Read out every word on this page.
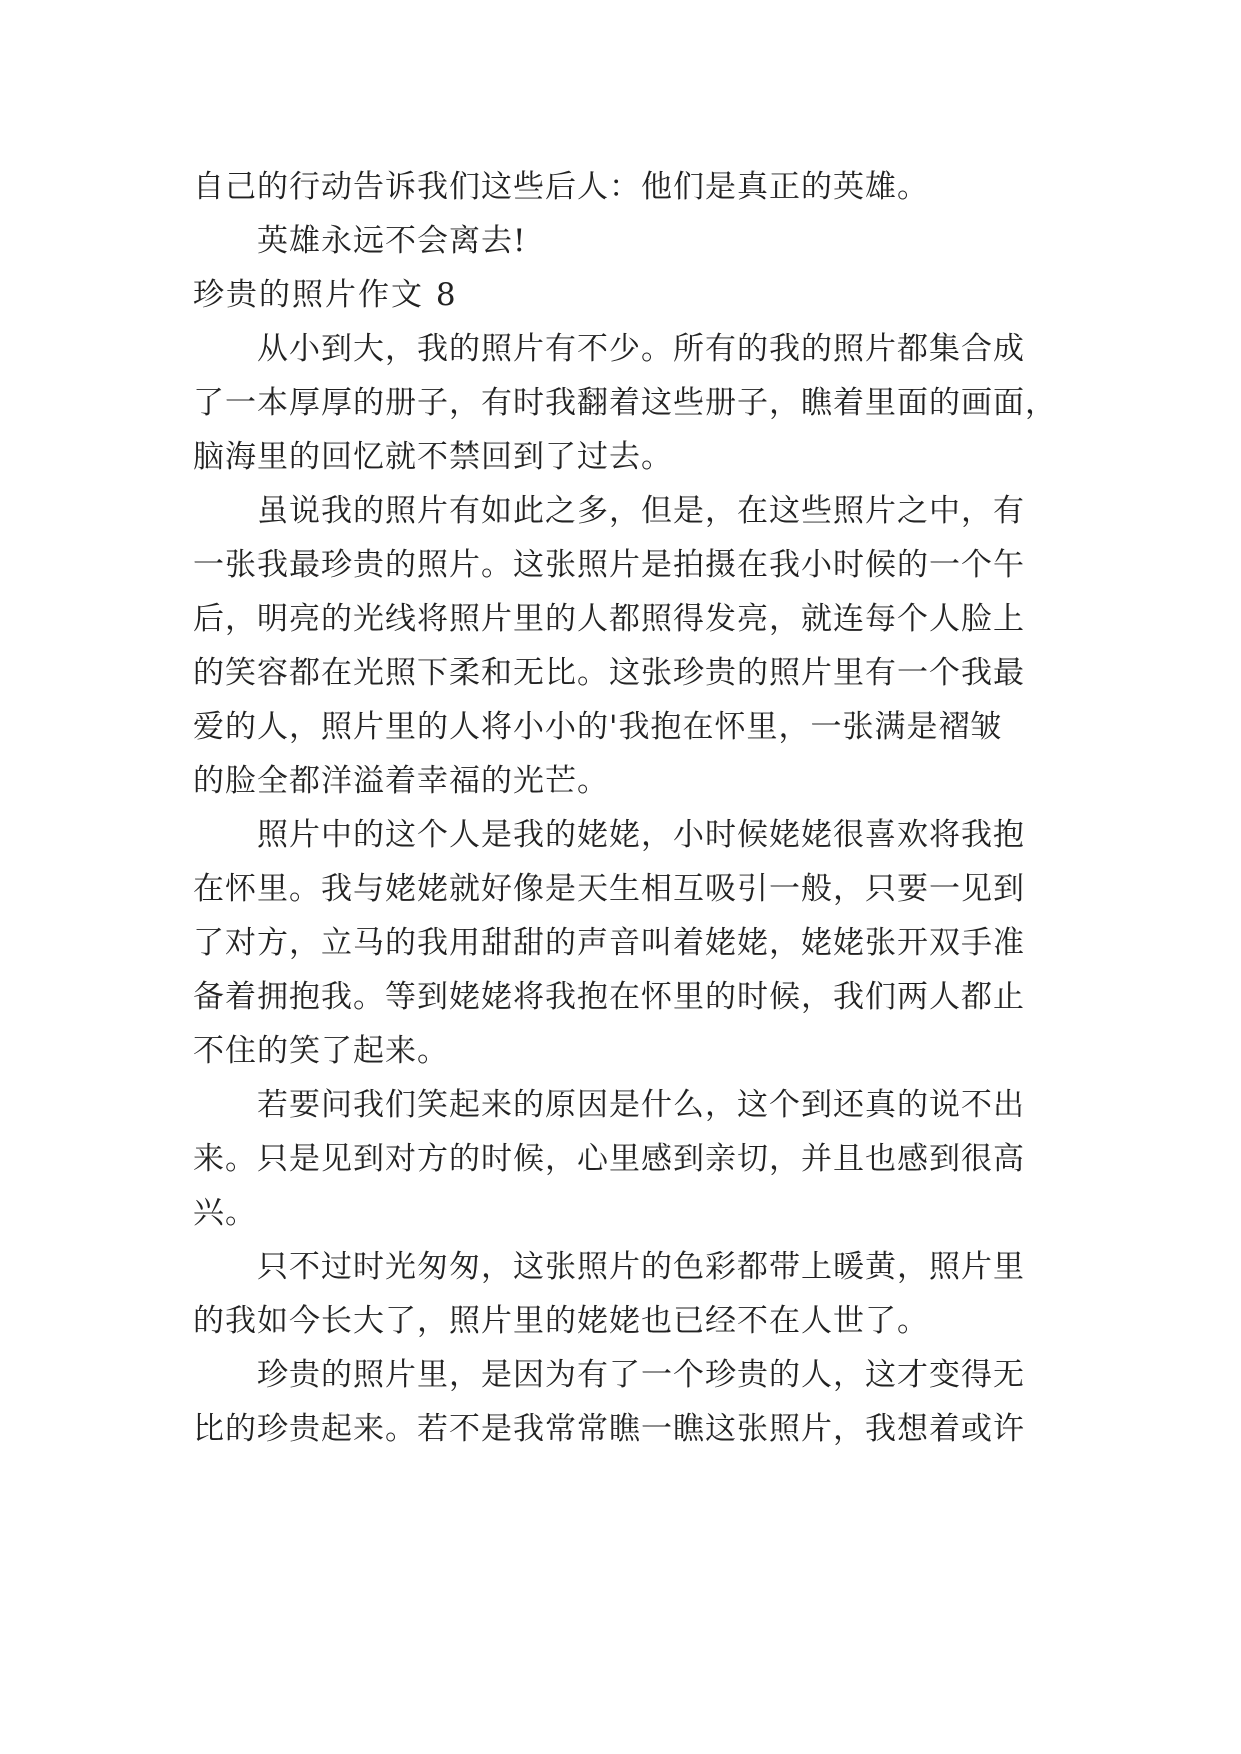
自己的行动告诉我们这些后人：他们是真正的英雄。
英雄永远不会离去!
珍贵的照片作文 8
从小到大，我的照片有不少。所有的我的照片都集合成
了一本厚厚的册子，有时我翻着这些册子，瞧着里面的画面，
脑海里的回忆就不禁回到了过去。
虽说我的照片有如此之多，但是，在这些照片之中，有
一张我最珍贵的照片。这张照片是拍摄在我小时候的一个午
后，明亮的光线将照片里的人都照得发亮，就连每个人脸上
的笑容都在光照下柔和无比。这张珍贵的照片里有一个我最
爱的人，照片里的人将小小的'我抱在怀里，一张满是褶皱
的脸全都洋溢着幸福的光芒。
照片中的这个人是我的姥姥，小时候姥姥很喜欢将我抱
在怀里。我与姥姥就好像是天生相互吸引一般，只要一见到
了对方，立马的我用甜甜的声音叫着姥姥，姥姥张开双手准
备着拥抱我。等到姥姥将我抱在怀里的时候，我们两人都止
不住的笑了起来。
若要问我们笑起来的原因是什么，这个到还真的说不出
来。只是见到对方的时候，心里感到亲切，并且也感到很高
兴。
只不过时光匆匆，这张照片的色彩都带上暖黄，照片里
的我如今长大了，照片里的姥姥也已经不在人世了。
珍贵的照片里，是因为有了一个珍贵的人，这才变得无
比的珍贵起来。若不是我常常瞧一瞧这张照片，我想着或许
